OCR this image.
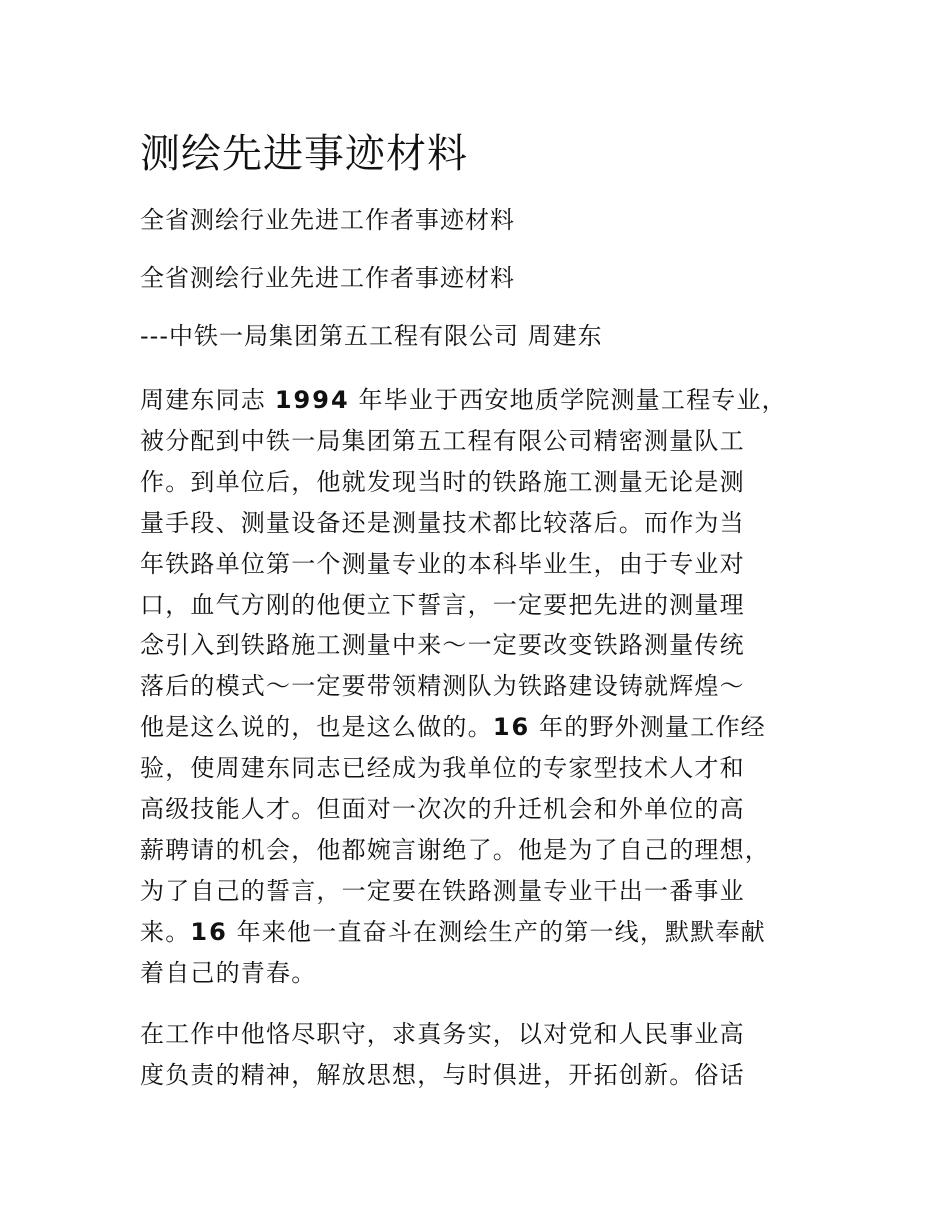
测绘先进事迹材料
全省测绘行业先进工作者事迹材料
全省测绘行业先进工作者事迹材料
---中铁一局集团第五工程有限公司 周建东

周建东同志 1994 年毕业于西安地质学院测量工程专业，

被分配到中铁一局集团第五工程有限公司精密测量队工

作。到单位后，他就发现当时的铁路施工测量无论是测

量手段、测量设备还是测量技术都比较落后。而作为当

年铁路单位第一个测量专业的本科毕业生，由于专业对

口，血气方刚的他便立下誓言，一定要把先进的测量理

念引入到铁路施工测量中来～一定要改变铁路测量传统

落后的模式～一定要带领精测队为铁路建设铸就辉煌～

他是这么说的，也是这么做的。16 年的野外测量工作经

验，使周建东同志已经成为我单位的专家型技术人才和

高级技能人才。但面对一次次的升迁机会和外单位的高

薪聘请的机会，他都婉言谢绝了。他是为了自己的理想，

为了自己的誓言，一定要在铁路测量专业干出一番事业

来。16 年来他一直奋斗在测绘生产的第一线，默默奉献

着自己的青春。

在工作中他恪尽职守，求真务实，以对党和人民事业高

度负责的精神，解放思想，与时俱进，开拓创新。俗话
